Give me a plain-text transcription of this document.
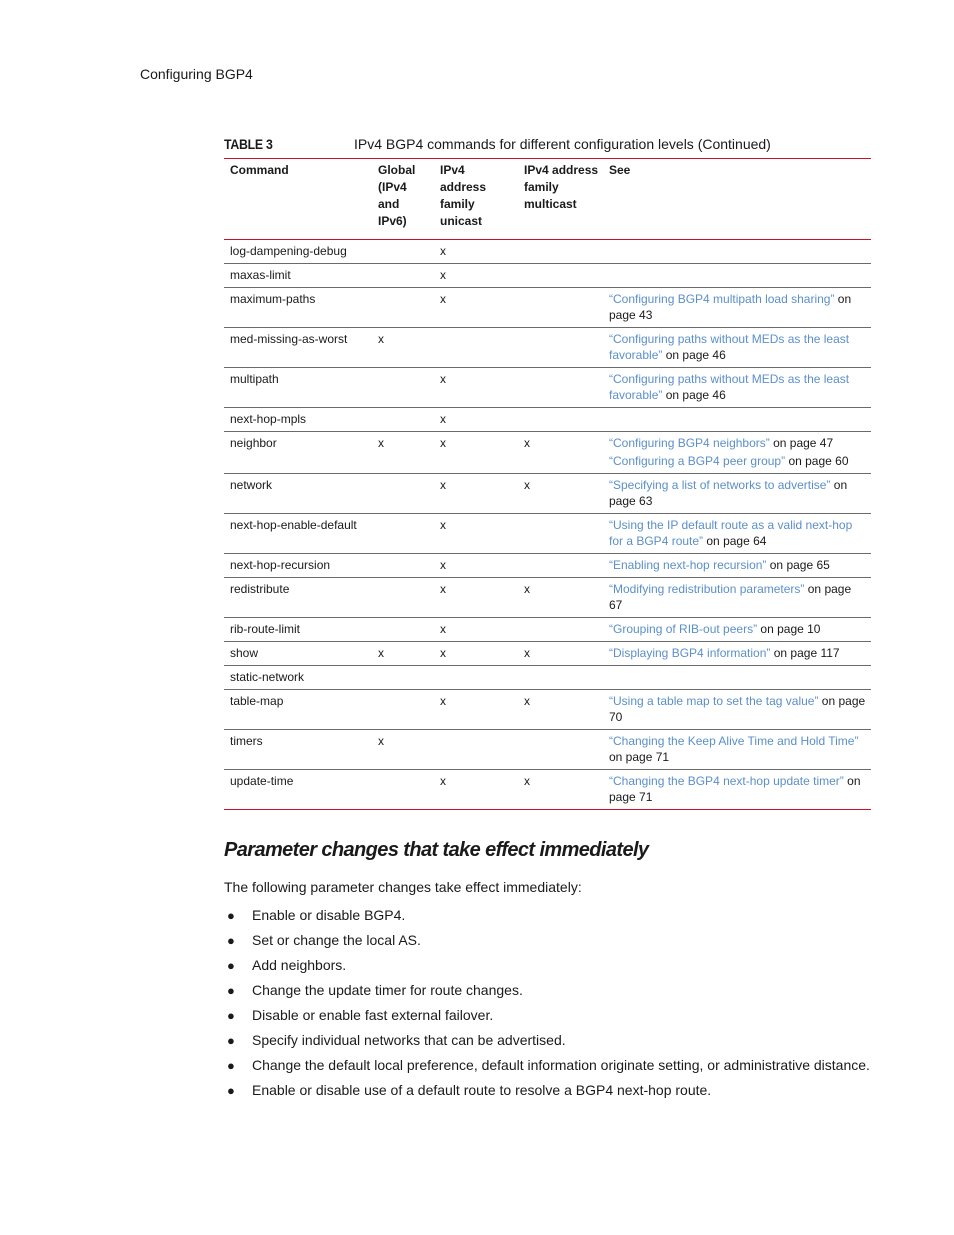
Configuring BGP4
TABLE 3	IPv4 BGP4 commands for different configuration levels (Continued)
Command	Global (IPv4 and IPv6)	IPv4 address family unicast	IPv4 address family multicast	See
log-dampening-debug		x		
maxas-limit		x		
maximum-paths		x		“Configuring BGP4 multipath load sharing” on page 43

med-missing-as-worst	x			“Configuring paths without MEDs as the least favorable” on page 46

multipath		x		“Configuring paths without MEDs as the least favorable” on page 46

next-hop-mpls		x		
neighbor	x	x	x	“Configuring BGP4 neighbors” on page 47
“Configuring a BGP4 peer group” on page 60

network		x	x	“Specifying a list of networks to advertise” on page 63

next-hop-enable-default		x		“Using the IP default route as a valid next-hop for a BGP4 route” on page 64

next-hop-recursion		x		“Enabling next-hop recursion” on page 65

redistribute		x	x	“Modifying redistribution parameters” on page 67

rib-route-limit		x		“Grouping of RIB-out peers” on page 10

show	x	x	x	“Displaying BGP4 information” on page 117

static-network				
table-map		x	x	“Using a table map to set the tag value” on page 70

timers	x			“Changing the Keep Alive Time and Hold Time” on page 71

update-time		x	x	“Changing the BGP4 next-hop update timer” on page 71
Parameter changes that take effect immediately
The following parameter changes take effect immediately:
● Enable or disable BGP4.
● Set or change the local AS.
● Add neighbors.
● Change the update timer for route changes.
● Disable or enable fast external failover.
● Specify individual networks that can be advertised.
● Change the default local preference, default information originate setting, or administrative distance.
● Enable or disable use of a default route to resolve a BGP4 next-hop route.
